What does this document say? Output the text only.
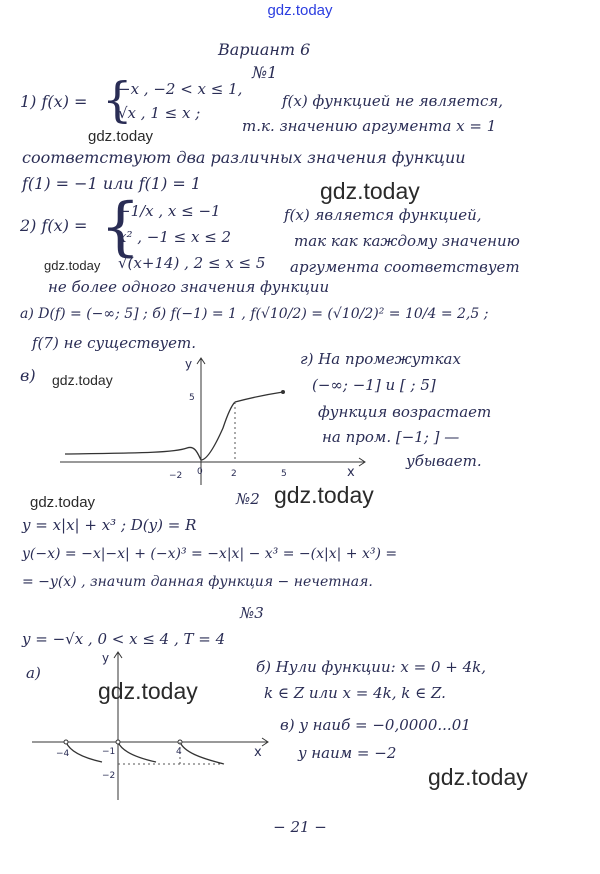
gdz.today
Вариант 6
№1
1) f(x) = {
−x , −2 < x ≤ 1,
√x , 1 ≤ x ;
f(x) функцией не является,
т.к. значению аргумента x = 1
соответствуют два различных значения функции
f(1) = −1 или f(1) = 1
gdz.today
gdz.today
2) f(x) = {
−1/x , x ≤ −1
x² , −1 ≤ x ≤ 2
√(x+14) , 2 ≤ x ≤ 5
f(x) является функцией,
так как каждому значению
аргумента соответствует
не более одного значения функции
gdz.today
а) D(f) = (−∞; 5] ; б) f(−1) = 1 , f(√10/2) = (√10/2)² = 10/4 = 2,5 ;
f(7) не существует.
в) gdz.today
y
5
−2 0	2	5	x
г) На промежутках
(−∞; −1] и [ ; 5]
функция возрастает
на пром. [−1; ] —
убывает.
gdz.today	№2 gdz.today
y = x|x| + x³ ; D(y) = R
y(−x) = −x|−x| + (−x)³ = −x|x| − x³ = −(x|x| + x³) =
= −y(x) , значит данная функция − нечетная.
№3
y = −√x , 0 < x ≤ 4 , T = 4
а)
gdz.today
б) Нули функции: x = 0 + 4k,
k ∈ Z или x = 4k, k ∈ Z.
в) y наиб = −0,0000...01
y наим = −2
gdz.today
y
−4	−1
−2
4	x
− 21 −
